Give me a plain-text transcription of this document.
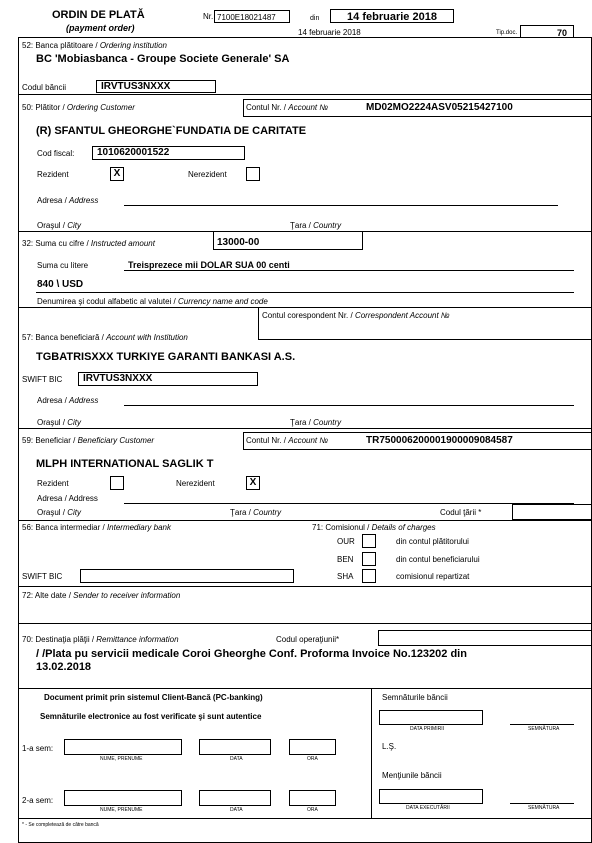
ORDIN DE PLATĂ
(payment order)
Nr. 7100E18021487	din	14 februarie 2018
14 februarie 2018	Tip.doc.	70
52: Banca plătitoare / Ordering institution
BC 'Mobiasbanca - Groupe Societe Generale' SA
Codul băncii	IRVTUS3NXXX
50: Plătitor / Ordering Customer	Contul Nr. / Account №	MD02MO2224ASV05215427100
(R) SFANTUL GHEORGHE`FUNDATIA DE CARITATE
Cod fiscal:	1010620001522
Rezident	X	Nerezident
Adresa / Address
Oraşul / City	Ţara / Country
32: Suma cu cifre / Instructed amount	13000-00
Suma cu litere	Treisprezece mii DOLAR SUA 00 centi
840 \ USD
Denumirea şi codul alfabetic al valutei / Currency name and code
Contul corespondent Nr. / Correspondent Account №
57: Banca beneficiară / Account with Institution
TGBATRISXXX TURKIYE GARANTI BANKASI A.S.
SWIFT BIC	IRVTUS3NXXX
Adresa / Address
Oraşul / City	Ţara / Country
59: Beneficiar / Beneficiary Customer	Contul Nr. / Account №	TR750006200001900009084587
MLPH INTERNATIONAL SAGLIK T
Rezident	Nerezident	X
Adresa / Address
Oraşul / City	Ţara / Country	Codul ţării *
56: Banca intermediar / Intermediary bank	71: Comisionul / Details of charges
OUR	din contul plătitorului
BEN	din contul beneficiarului
SWIFT BIC	SHA	comisionul repartizat
72: Alte date / Sender to receiver information
70: Destinaţia plăţii / Remittance information	Codul operaţiunii*
/ /Plata pu servicii medicale Coroi Gheorghe Conf. Proforma Invoice No.123202 din
13.02.2018
Document primit prin sistemul Client-Bancă (PC-banking)
Semnăturile electronice au fost verificate şi sunt autentice
1-a sem:
NUME, PRENUME	DATA	ORA
2-a sem:
NUME, PRENUME	DATA	ORA
Semnăturile băncii
DATA PRIMIRII	SEMNĂTURA
L.Ş.
Menţiunile băncii
DATA EXECUTĂRII	SEMNĂTURA
* - Se completează de către bancă
